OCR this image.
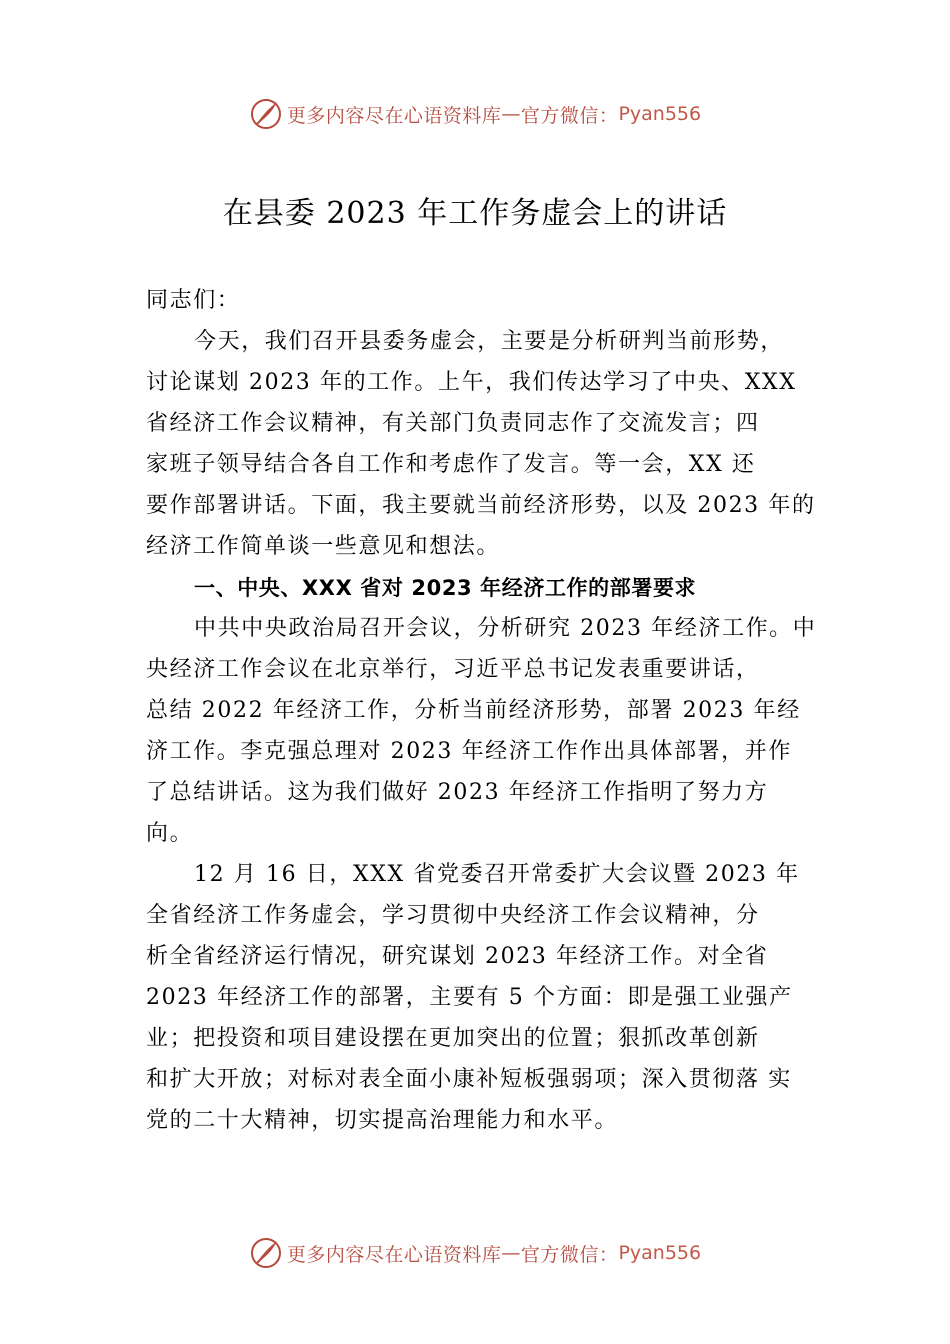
更多内容尽在心语资料库 — 官方微信： Pyan556
在县委 2023 年工作务虚会上的讲话
同志们：
今天，我们召开县委务虚会，主要是分析研判当前形势，
讨论谋划 2023 年的工作。上午，我们传达学习了中央、XXX
省经济工作会议精神，有关部门负责同志作了交流发言；四
家班子领导结合各自工作和考虑作了发言。等一会，XX 还
要作部署讲话。下面，我主要就当前经济形势，以及 2023 年的
经济工作简单谈一些意见和想法。
一、中央、XXX 省对 2023 年经济工作的部署要求
中共中央政治局召开会议，分析研究 2023 年经济工作。中
央经济工作会议在北京举行，习近平总书记发表重要讲话，
总结 2022 年经济工作，分析当前经济形势，部署 2023 年经
济工作。李克强总理对 2023 年经济工作作出具体部署，并作
了总结讲话。这为我们做好 2023 年经济工作指明了努力方
向。
12 月 16 日，XXX 省党委召开常委扩大会议暨 2023 年
全省经济工作务虚会，学习贯彻中央经济工作会议精神，分
析全省经济运行情况，研究谋划 2023 年经济工作。对全省
2023 年经济工作的部署，主要有 5 个方面：即是强工业强产
业；把投资和项目建设摆在更加突出的位置；狠抓改革创新
和扩大开放；对标对表全面小康补短板强弱项；深入贯彻落 实
党的二十大精神，切实提高治理能力和水平。
更多内容尽在心语资料库 — 官方微信： Pyan556
